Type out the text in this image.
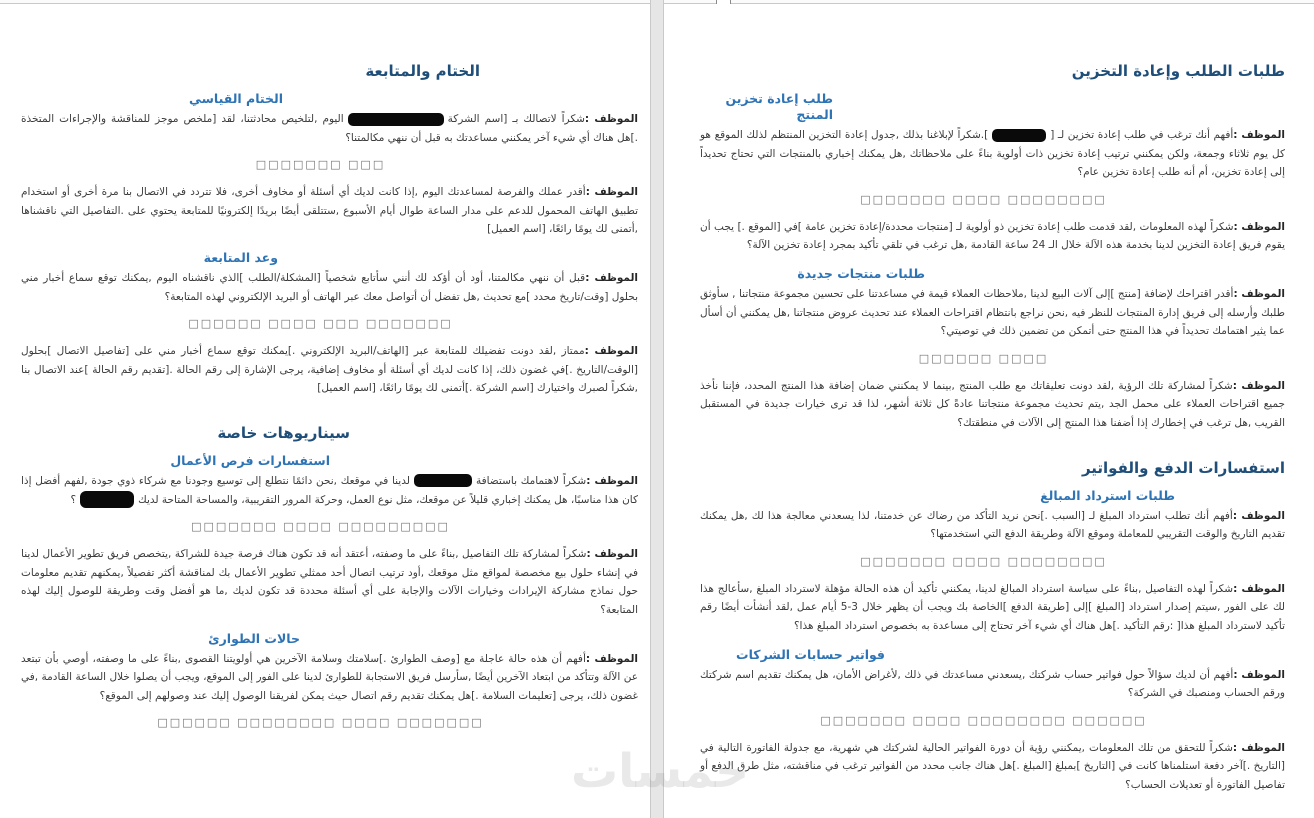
الختام والمتابعة
الختام القياسي

الموظف :شكراً لاتصالك بـ [اسم الشركةاليوم ,لتلخيص محادثتنا، لقد [ملخص موجز للمناقشة والإجراءات المتخذة .]هل هناك أي شيء آخر يمكنني مساعدتك به قبل أن ننهي مكالمتنا؟

□□□ □□□□□□□

الموظف :أقدر عملك والفرصة لمساعدتك اليوم ,إذا كانت لديك أي أسئلة أو مخاوف أخرى، فلا تتردد في الاتصال بنا مرة أخرى أو استخدام تطبيق الهاتف المحمول للدعم على مدار الساعة طوال أيام الأسبوع ,ستتلقى أيضًا بريدًا إلكترونيًا للمتابعة يحتوي على .التفاصيل التي ناقشناها ,أتمنى لك يومًا رائعًا، [اسم العميل]

وعد المتابعة

الموظف :قبل أن ننهي مكالمتنا، أود أن أؤكد لك أنني سأتابع شخصياً [المشكلة/الطلب ]الذي ناقشناه اليوم ,يمكنك توقع سماع أخبار مني بحلول [وقت/تاريخ محدد ]مع تحديث ,هل تفضل أن أتواصل معك عبر الهاتف أو البريد الإلكتروني لهذه المتابعة؟

□□□□□□□ □□□ □□□□ □□□□□□

الموظف :ممتاز ,لقد دونت تفضيلك للمتابعة عبر [الهاتف/البريد الإلكتروني .]يمكنك توقع سماع أخبار مني على [تفاصيل الاتصال ]بحلول [الوقت/التاريخ .]في غضون ذلك، إذا كانت لديك أي أسئلة أو مخاوف إضافية، يرجى الإشارة إلى رقم الحالة .[تقديم رقم الحالة ]عند الاتصال بنا ,شكراً لصبرك واختيارك [اسم الشركة .]أتمنى لك يومًا رائعًا، [اسم العميل]

سيناريوهات خاصة
استفسارات فرص الأعمال

الموظف :شكراً لاهتمامك باستضافةلدينا في موقعك ,نحن دائمًا نتطلع إلى توسيع وجودنا مع شركاء ذوي جودة ,لفهم أفضل إذا كان هذا مناسبًا، هل يمكنك إخباري قليلاً عن موقعك، مثل نوع العمل، وحركة المرور التقريبية، والمساحة المتاحة لديك؟

□□□□□□□□□ □□□□ □□□□□□□

الموظف :شكراً لمشاركة تلك التفاصيل ,بناءً على ما وصفته، أعتقد أنه قد تكون هناك فرصة جيدة للشراكة ,يتخصص فريق تطوير الأعمال لدينا في إنشاء حلول بيع مخصصة لمواقع مثل موقعك ,أود ترتيب اتصال أحد ممثلي تطوير الأعمال بك لمناقشة أكثر تفصيلاً ,يمكنهم تقديم معلومات حول نماذج مشاركة الإيرادات وخيارات الآلات والإجابة على أي أسئلة محددة قد تكون لديك ,ما هو أفضل وقت وطريقة للوصول إليك لهذه المتابعة؟

حالات الطوارئ

الموظف :أفهم أن هذه حالة عاجلة مع [وصف الطوارئ .]سلامتك وسلامة الآخرين هي أولويتنا القصوى ,بناءً على ما وصفته، أوصي بأن تبتعد عن الآلة وتتأكد من ابتعاد الآخرين أيضًا ,سأرسل فريق الاستجابة للطوارئ لدينا على الفور إلى الموقع، ويجب أن يصلوا خلال الساعة القادمة ,في غضون ذلك، يرجى [تعليمات السلامة .]هل يمكنك تقديم رقم اتصال حيث يمكن لفريقنا الوصول إليك عند وصولهم إلى الموقع؟

□□□□□□□ □□□□ □□□□□□□□ □□□□□□

طلبات الطلب وإعادة التخزين
طلب إعادة تخزين المنتج

الموظف :أفهم أنك ترغب في طلب إعادة تخزين لـ [].شكراً لإبلاغنا بذلك ,جدول إعادة التخزين المنتظم لذلك الموقع هو كل يوم ثلاثاء وجمعة، ولكن يمكنني ترتيب إعادة تخزين ذات أولوية بناءً على ملاحظاتك ,هل يمكنك إخباري بالمنتجات التي تحتاج تحديداً إلى إعادة تخزين، أم أنه طلب إعادة تخزين عام؟

□□□□□□□□ □□□□ □□□□□□□

الموظف :شكراً لهذه المعلومات ,لقد قدمت طلب إعادة تخزين ذو أولوية لـ [منتجات محددة/إعادة تخزين عامة ]في [الموقع .] يجب أن يقوم فريق إعادة التخزين لدينا بخدمة هذه الآلة خلال الـ 24 ساعة القادمة ,هل ترغب في تلقي تأكيد بمجرد إعادة تخزين الآلة؟

طلبات منتجات جديدة

الموظف :أقدر اقتراحك لإضافة [منتج ]إلى آلات البيع لدينا ,ملاحظات العملاء قيمة في مساعدتنا على تحسين مجموعة منتجاتنا , سأوثق طلبك وأرسله إلى فريق إدارة المنتجات للنظر فيه ,نحن نراجع بانتظام اقتراحات العملاء عند تحديث عروض منتجاتنا ,هل يمكنني أن أسأل عما يثير اهتمامك تحديداً في هذا المنتج حتى أتمكن من تضمين ذلك في توصيتي؟

□□□□ □□□□□□

الموظف :شكراً لمشاركة تلك الرؤية ,لقد دونت تعليقاتك مع طلب المنتج ,بينما لا يمكنني ضمان إضافة هذا المنتج المحدد، فإننا نأخذ جميع اقتراحات العملاء على محمل الجد ,يتم تحديث مجموعة منتجاتنا عادةً كل ثلاثة أشهر، لذا قد ترى خيارات جديدة في المستقبل القريب ,هل ترغب في إخطارك إذا أضفنا هذا المنتج إلى الآلات في منطقتك؟

استفسارات الدفع والفواتير
طلبات استرداد المبالغ

الموظف :أفهم أنك تطلب استرداد المبلغ لـ [السبب .]نحن نريد التأكد من رضاك عن خدمتنا، لذا يسعدني معالجة هذا لك ,هل يمكنك تقديم التاريخ والوقت التقريبي للمعاملة وموقع الآلة وطريقة الدفع التي استخدمتها؟

□□□□□□□□ □□□□ □□□□□□□

الموظف :شكراً لهذه التفاصيل ,بناءً على سياسة استرداد المبالغ لدينا، يمكنني تأكيد أن هذه الحالة مؤهلة لاسترداد المبلغ ,سأعالج هذا لك على الفور ,سيتم إصدار استرداد [المبلغ ]إلى [طريقة الدفع ]الخاصة بك ويجب أن يظهر خلال 3-5 أيام عمل ,لقد أنشأت أيضًا رقم تأكيد لاسترداد المبلغ هذا[ :رقم التأكيد .]هل هناك أي شيء آخر تحتاج إلى مساعدة به بخصوص استرداد المبلغ هذا؟

فواتير حسابات الشركات

الموظف :أفهم أن لديك سؤالاً حول فواتير حساب شركتك ,يسعدني مساعدتك في ذلك ,لأغراض الأمان، هل يمكنك تقديم اسم شركتك ورقم الحساب ومنصبك في الشركة؟

□□□□□□ □□□□□□□□ □□□□ □□□□□□□

الموظف :شكراً للتحقق من تلك المعلومات ,يمكنني رؤية أن دورة الفواتير الحالية لشركتك هي شهرية، مع جدولة الفاتورة التالية في [التاريخ .]آخر دفعة استلمناها كانت في [التاريخ ]بمبلغ [المبلغ .]هل هناك جانب محدد من الفواتير ترغب في مناقشته، مثل طرق الدفع أو تفاصيل الفاتورة أو تعديلات الحساب؟
